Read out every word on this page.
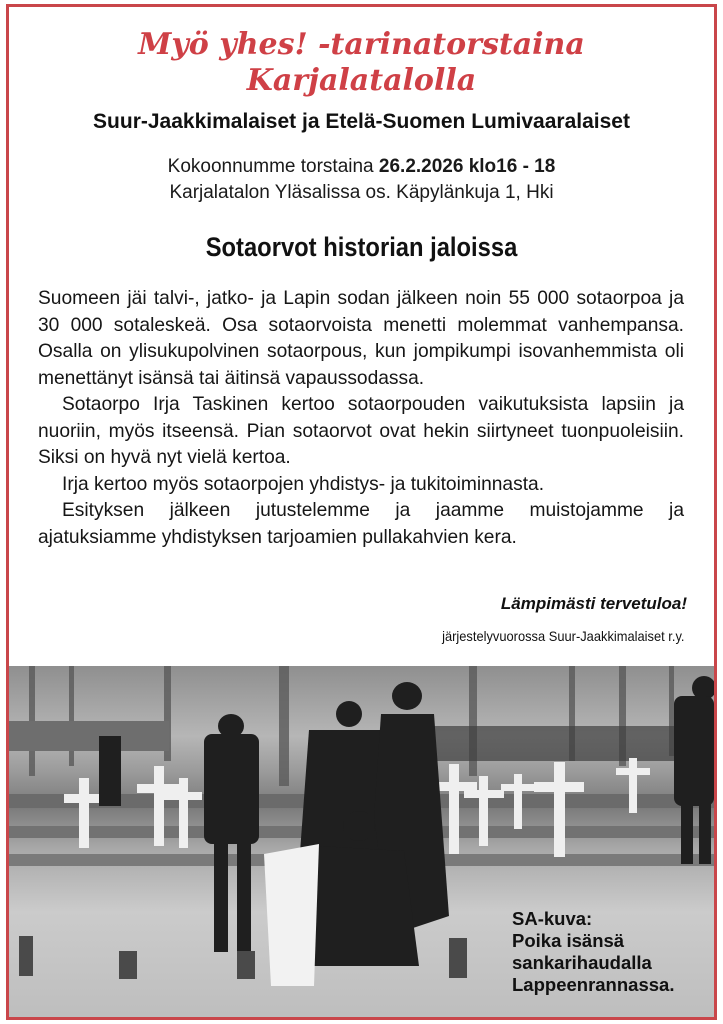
Myö yhes! -tarinatorstaina
Karjalatalolla
Suur-Jaakkimalaiset ja Etelä-Suomen Lumivaaralaiset
Kokoonnumme torstaina 26.2.2026 klo16 - 18
Karjalatalon Yläsalissa os. Käpylänkuja 1, Hki
Sotaorvot historian jaloissa

Suomeen jäi talvi-, jatko- ja Lapin sodan jälkeen noin 55 000 sotaorpoa ja 30 000 sotaleskeä. Osa sotaorvoista menetti molemmat vanhempansa. Osalla on ylisukupolvinen sotaorpous, kun jompikumpi isovanhemmista oli menettänyt isänsä tai äitinsä vapaussodassa.

Sotaorpo Irja Taskinen kertoo sotaorpouden vaikutuksista lapsiin ja nuoriin, myös itseensä. Pian sotaorvot ovat hekin siirtyneet tuonpuoleisiin. Siksi on hyvä nyt vielä kertoa.

Irja kertoo myös sotaorpojen yhdistys- ja tukitoiminnasta.

Esityksen jälkeen jutustelemme ja jaamme muistojamme ja ajatuksiamme yhdistyksen tarjoamien pullakahvien kera.

Lämpimästi tervetuloa!
järjestelyvuorossa Suur-Jaakkimalaiset r.y.
SA-kuva:
Poika isänsä
sankarihaudalla
Lappeenrannassa.
